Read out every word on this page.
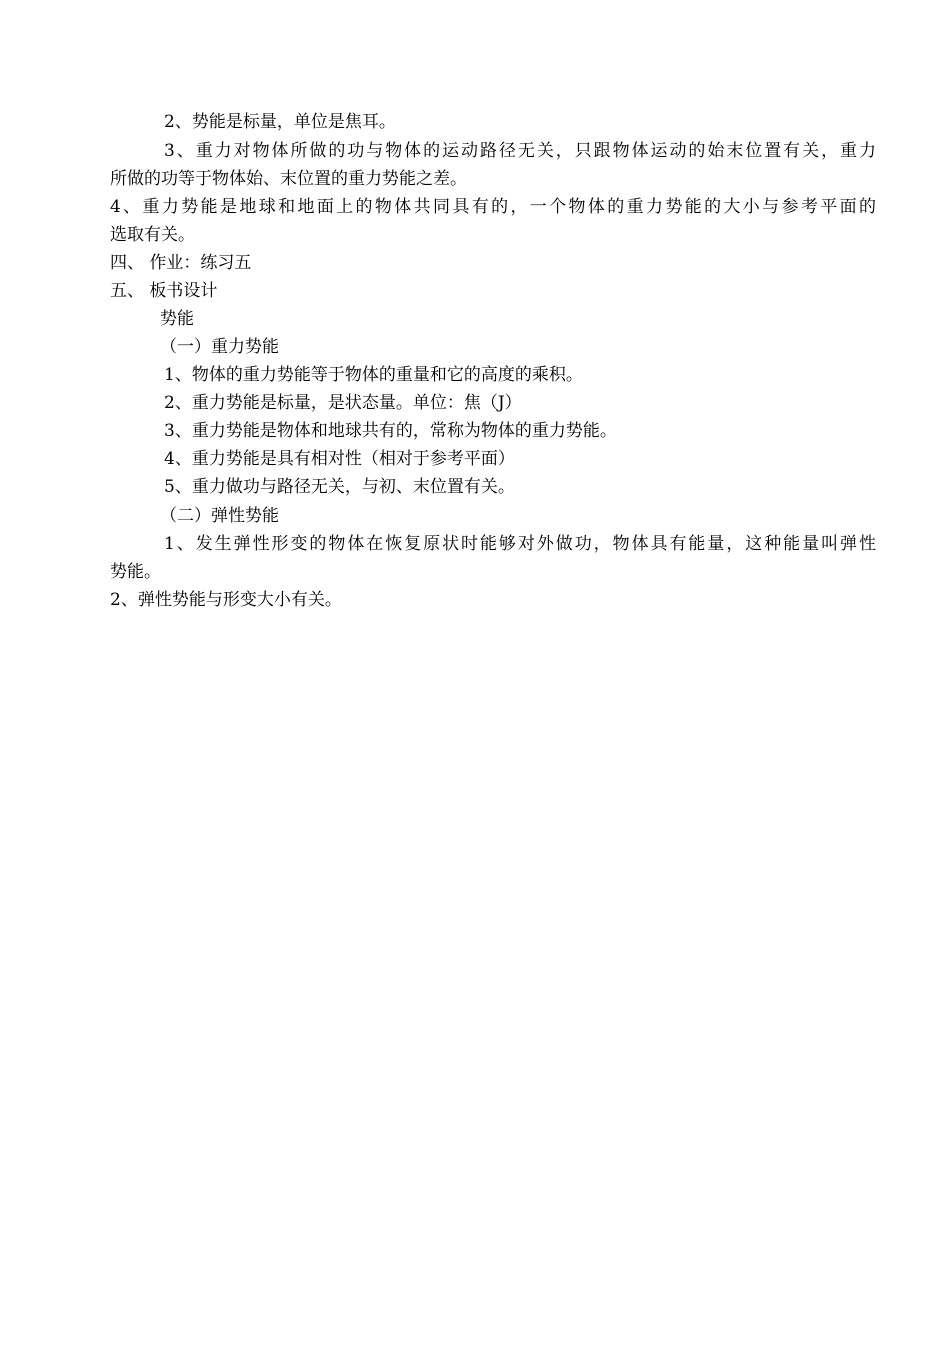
2、势能是标量，单位是焦耳。
3、重力对物体所做的功与物体的运动路径无关，只跟物体运动的始末位置有关，重力
所做的功等于物体始、末位置的重力势能之差。
4、重力势能是地球和地面上的物体共同具有的，一个物体的重力势能的大小与参考平面的
选取有关。
四、 作业：练习五
五、 板书设计
势能
（一）重力势能
1、物体的重力势能等于物体的重量和它的高度的乘积。
2、重力势能是标量，是状态量。单位：焦（J）
3、重力势能是物体和地球共有的，常称为物体的重力势能。
4、重力势能是具有相对性（相对于参考平面）
5、重力做功与路径无关，与初、末位置有关。
（二）弹性势能
1、发生弹性形变的物体在恢复原状时能够对外做功，物体具有能量，这种能量叫弹性
势能。
2、弹性势能与形变大小有关。
